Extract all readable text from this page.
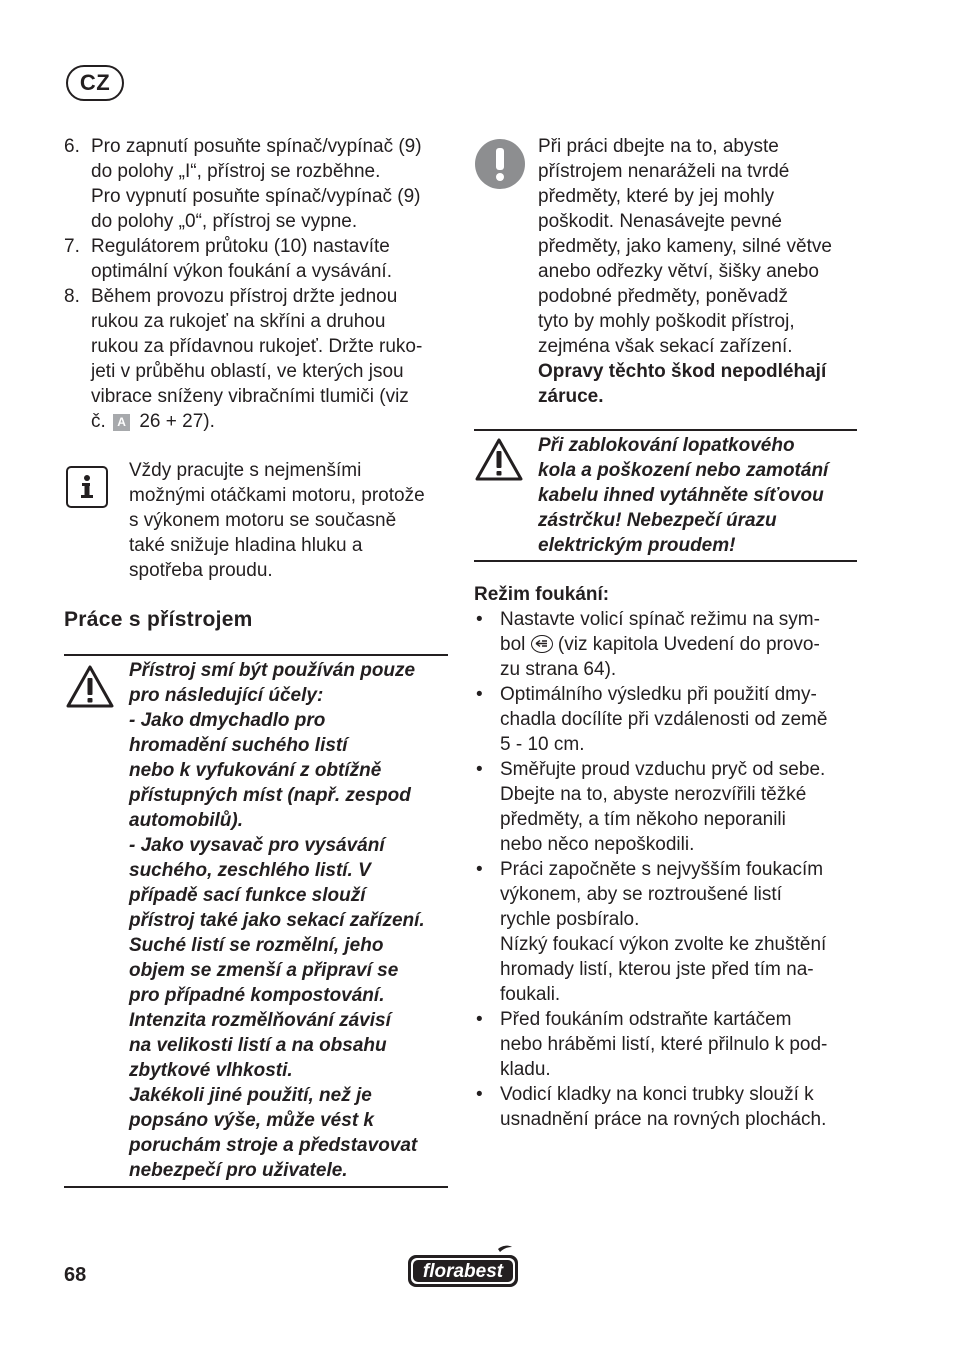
CZ
6. Pro zapnutí posuňte spínač/vypínač (9)
do polohy „I“, přístroj se rozběhne.
Pro vypnutí posuňte spínač/vypínač (9)
do polohy „0“, přístroj se vypne.
7. Regulátorem průtoku (10) nastavíte
optimální výkon foukání a vysávání.
8. Během provozu přístroj držte jednou
rukou za rukojeť na skříni a druhou
rukou za přídavnou rukojeť. Držte ruko-
jeti v průběhu oblastí, ve kterých jsou
vibrace sníženy vibračními tlumiči (viz
č. A 26 + 27).
Vždy pracujte s nejmenšími
možnými otáčkami motoru, protože
s výkonem motoru se současně
také snižuje hladina hluku a
spotřeba proudu.
Práce s přístrojem
Přístroj smí být používán pouze
pro následující účely:
- Jako dmychadlo pro
hromadění suchého listí
nebo k vyfukování z obtížně
přístupných míst (např. zespod
automobilů).
- Jako vysavač pro vysávání
suchého, zeschlého listí. V
případě sací funkce slouží
přístroj také jako sekací zařízení.
Suché listí se rozmělní, jeho
objem se zmenší a připraví se
pro případné kompostování.
Intenzita rozmělňování závisí
na velikosti listí a na obsahu
zbytkové vlhkosti.
Jakékoli jiné použití, než je
popsáno výše, může vést k
poruchám stroje a představovat
nebezpečí pro uživatele.
Při práci dbejte na to, abyste
přístrojem nenaráželi na tvrdé
předměty, které by jej mohly
poškodit. Nenasávejte pevné
předměty, jako kameny, silné větve
anebo odřezky větví, šišky anebo
podobné předměty, poněvadž
tyto by mohly poškodit přístroj,
zejména však sekací zařízení.
Opravy těchto škod nepodléhají
záruce.
Při zablokování lopatkového
kola a poškození nebo zamotání
kabelu ihned vytáhněte síťovou
zástrčku! Nebezpečí úrazu
elektrickým proudem!
Režim foukání:
• Nastavte volicí spínač režimu na sym-
bol (viz kapitola Uvedení do provo-
zu strana 64).
• Optimálního výsledku při použití dmy-
chadla docílíte při vzdálenosti od země
5 - 10 cm.
• Směřujte proud vzduchu pryč od sebe.
Dbejte na to, abyste nerozvířili těžké
předměty, a tím někoho neporanili
nebo něco nepoškodili.
• Práci započněte s nejvyšším foukacím
výkonem, aby se roztroušené listí
rychle posbíralo.
Nízký foukací výkon zvolte ke zhuštění
hromady listí, kterou jste před tím na-
foukali.
• Před foukáním odstraňte kartáčem
nebo hráběmi listí, které přilnulo k pod-
kladu.
• Vodicí kladky na konci trubky slouží k
usnadnění práce na rovných plochách.
68	florabest
